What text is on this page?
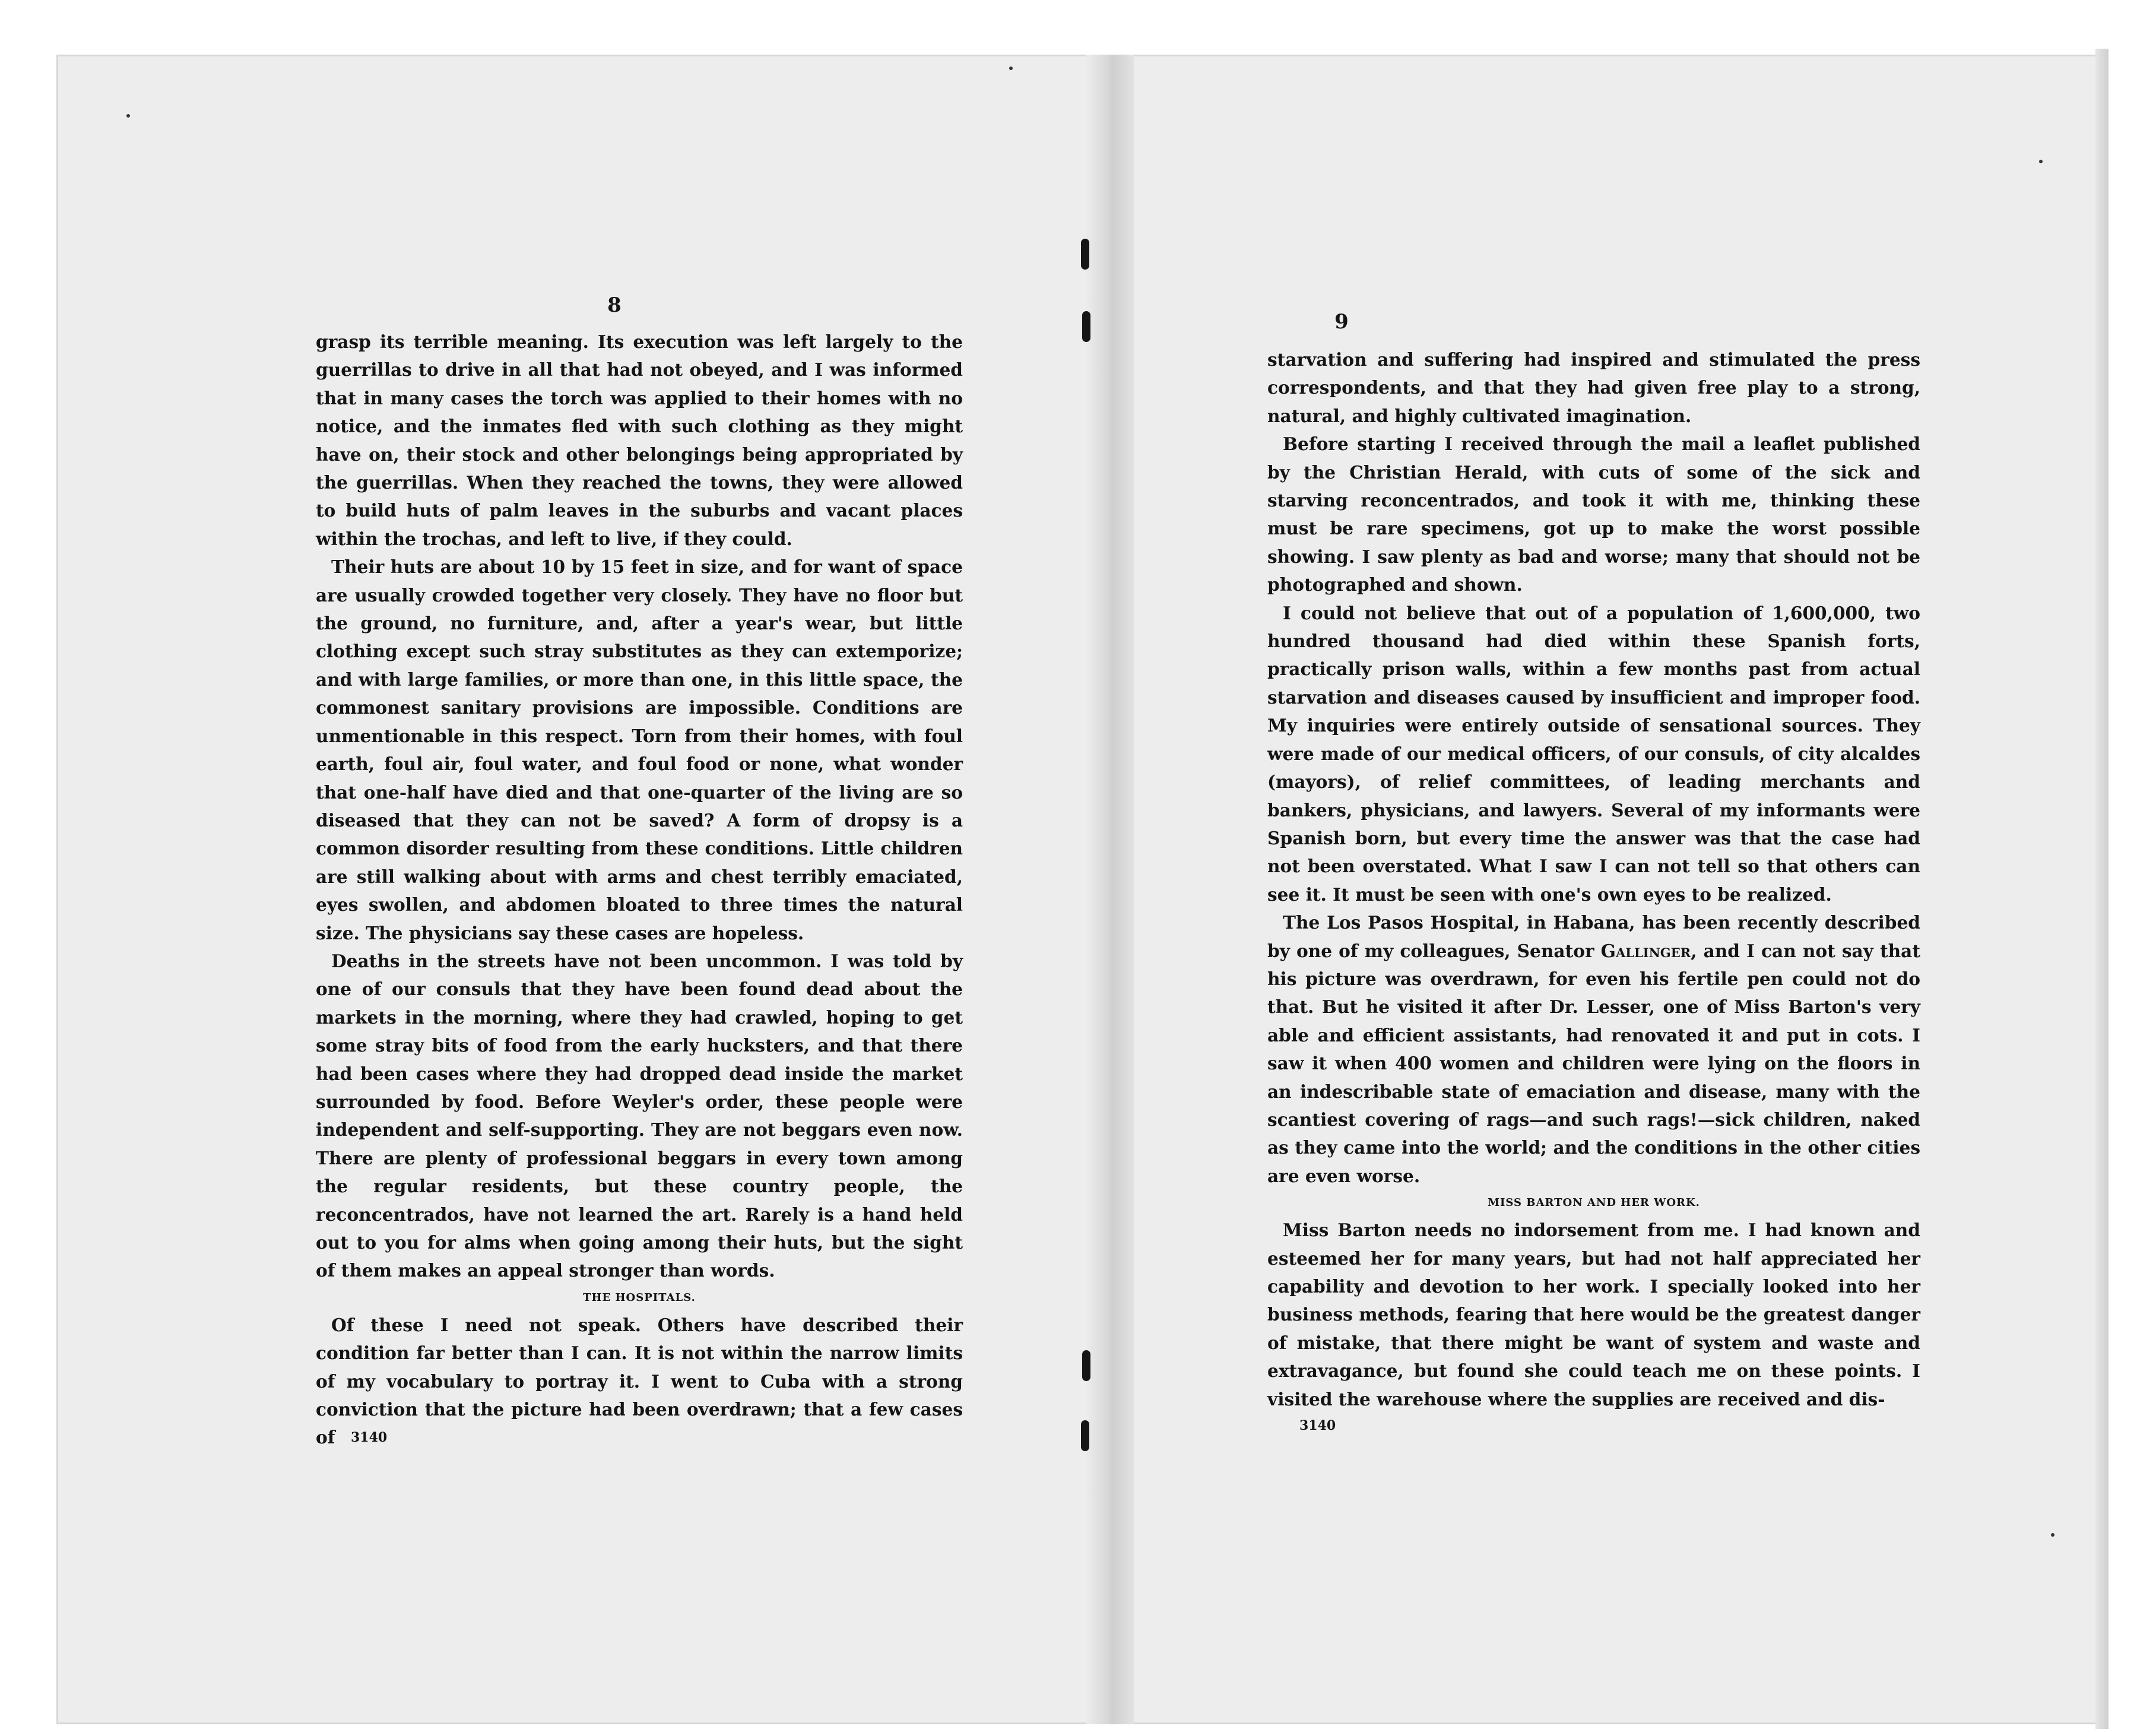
8

grasp its terrible meaning. Its execution was left largely to the guerrillas to drive in all that had not obeyed, and I was informed that in many cases the torch was applied to their homes with no notice, and the inmates fled with such clothing as they might have on, their stock and other belongings being appropriated by the guerrillas. When they reached the towns, they were allowed to build huts of palm leaves in the suburbs and vacant places within the trochas, and left to live, if they could.

Their huts are about 10 by 15 feet in size, and for want of space are usually crowded together very closely. They have no floor but the ground, no furniture, and, after a year's wear, but little clothing except such stray substitutes as they can extemporize; and with large families, or more than one, in this little space, the commonest sanitary provisions are impossible. Conditions are unmentionable in this respect. Torn from their homes, with foul earth, foul air, foul water, and foul food or none, what wonder that one-half have died and that one-quarter of the living are so diseased that they can not be saved? A form of dropsy is a common disorder resulting from these conditions. Little children are still walking about with arms and chest terribly emaciated, eyes swollen, and abdomen bloated to three times the natural size. The physicians say these cases are hopeless.

Deaths in the streets have not been uncommon. I was told by one of our consuls that they have been found dead about the markets in the morning, where they had crawled, hoping to get some stray bits of food from the early hucksters, and that there had been cases where they had dropped dead inside the market surrounded by food. Before Weyler's order, these people were independent and self-supporting. They are not beggars even now. There are plenty of professional beggars in every town among the regular residents, but these country people, the reconcentrados, have not learned the art. Rarely is a hand held out to you for alms when going among their huts, but the sight of them makes an appeal stronger than words.

THE HOSPITALS.

Of these I need not speak. Others have described their condition far better than I can. It is not within the narrow limits of my vocabulary to portray it. I went to Cuba with a strong conviction that the picture had been overdrawn; that a few cases of	3140
9

starvation and suffering had inspired and stimulated the press correspondents, and that they had given free play to a strong, natural, and highly cultivated imagination.

Before starting I received through the mail a leaflet published by the Christian Herald, with cuts of some of the sick and starving reconcentrados, and took it with me, thinking these must be rare specimens, got up to make the worst possible showing. I saw plenty as bad and worse; many that should not be photographed and shown.

I could not believe that out of a population of 1,600,000, two hundred thousand had died within these Spanish forts, practically prison walls, within a few months past from actual starvation and diseases caused by insufficient and improper food. My inquiries were entirely outside of sensational sources. They were made of our medical officers, of our consuls, of city alcaldes (mayors), of relief committees, of leading merchants and bankers, physicians, and lawyers. Several of my informants were Spanish born, but every time the answer was that the case had not been overstated. What I saw I can not tell so that others can see it. It must be seen with one's own eyes to be realized.

The Los Pasos Hospital, in Habana, has been recently described by one of my colleagues, Senator Gallinger, and I can not say that his picture was overdrawn, for even his fertile pen could not do that. But he visited it after Dr. Lesser, one of Miss Barton's very able and efficient assistants, had renovated it and put in cots. I saw it when 400 women and children were lying on the floors in an indescribable state of emaciation and disease, many with the scantiest covering of rags—and such rags!—sick children, naked as they came into the world; and the conditions in the other cities are even worse.

MISS BARTON AND HER WORK.

Miss Barton needs no indorsement from me. I had known and esteemed her for many years, but had not half appreciated her capability and devotion to her work. I specially looked into her business methods, fearing that here would be the greatest danger of mistake, that there might be want of system and waste and extravagance, but found she could teach me on these points. I visited the warehouse where the supplies are received and dis-

3140
